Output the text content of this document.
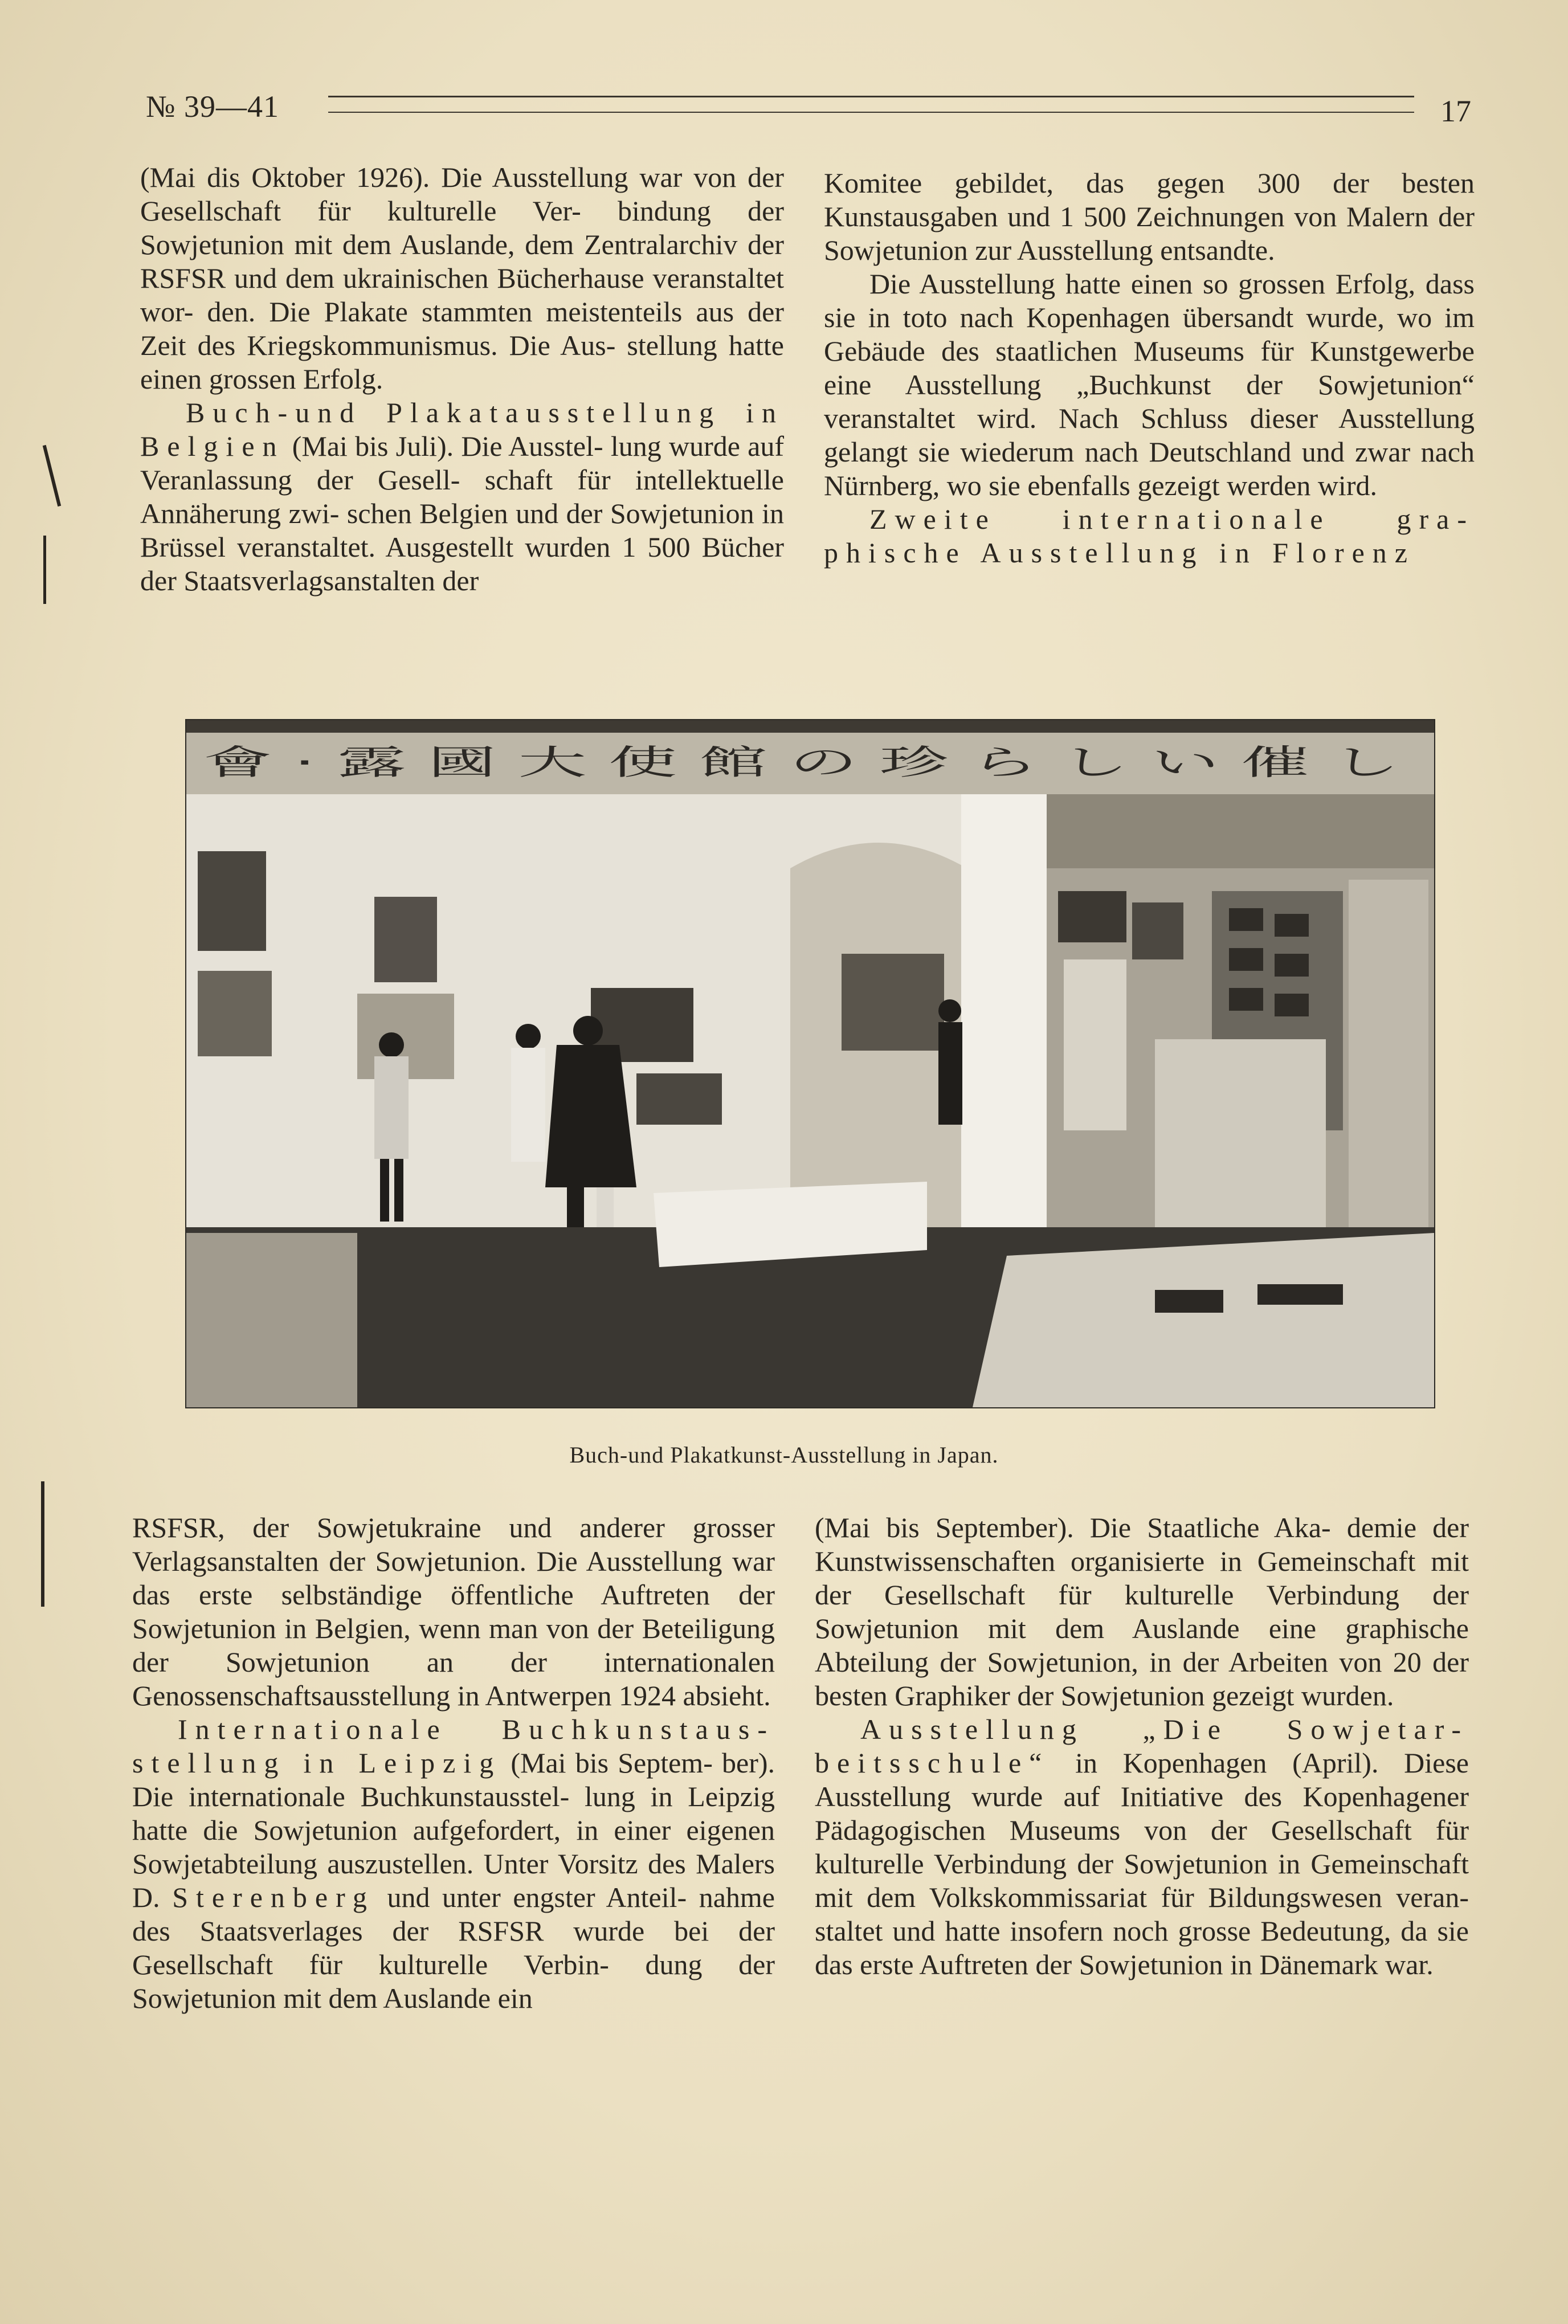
№ 39—41	17

(Mai dis Oktober 1926). Die Ausstellung war von der Gesellschaft für kulturelle Ver- bindung der Sowjetunion mit dem Auslande, dem Zentralarchiv der RSFSR und dem ukrainischen Bücherhause veranstaltet wor- den. Die Plakate stammten meistenteils aus der Zeit des Kriegskommunismus. Die Aus- stellung hatte einen grossen Erfolg.

Buch-und Plakatausstellung in Belgien (Mai bis Juli). Die Ausstel- lung wurde auf Veranlassung der Gesell- schaft für intellektuelle Annäherung zwi- schen Belgien und der Sowjetunion in Brüssel veranstaltet. Ausgestellt wurden 1 500 Bücher der Staatsverlagsanstalten der

Komitee gebildet, das gegen 300 der besten Kunstausgaben und 1 500 Zeichnungen von Malern der Sowjetunion zur Ausstellung entsandte.

Die Ausstellung hatte einen so grossen Erfolg, dass sie in toto nach Kopenhagen übersandt wurde, wo im Gebäude des staatlichen Museums für Kunstgewerbe eine Ausstellung „Buchkunst der Sowjetunion“ veranstaltet wird. Nach Schluss dieser Ausstellung gelangt sie wiederum nach Deutschland und zwar nach Nürnberg, wo sie ebenfalls gezeigt werden wird.

Zweite internationale gra- phische Ausstellung in Florenz

會 · 露 國 大 使 館 の 珍 ら し い 催 し
Buch-und Plakatkunst-Ausstellung in Japan.

RSFSR, der Sowjetukraine und anderer grosser Verlagsanstalten der Sowjetunion. Die Ausstellung war das erste selbständige öffentliche Auftreten der Sowjetunion in Belgien, wenn man von der Beteiligung der Sowjetunion an der internationalen Genossenschaftsausstellung in Antwerpen 1924 absieht.

Internationale Buchkunstaus- stellung in Leipzig (Mai bis Septem- ber). Die internationale Buchkunstausstel- lung in Leipzig hatte die Sowjetunion aufgefordert, in einer eigenen Sowjetabteilung auszustellen. Unter Vorsitz des Malers D. Sterenberg und unter engster Anteil- nahme des Staatsverlages der RSFSR wurde bei der Gesellschaft für kulturelle Verbin- dung der Sowjetunion mit dem Auslande ein

(Mai bis September). Die Staatliche Aka- demie der Kunstwissenschaften organisierte in Gemeinschaft mit der Gesellschaft für kulturelle Verbindung der Sowjetunion mit dem Auslande eine graphische Abteilung der Sowjetunion, in der Arbeiten von 20 der besten Graphiker der Sowjetunion gezeigt wurden.

Ausstellung „Die Sowjetar- beitsschule“ in Kopenhagen (April). Diese Ausstellung wurde auf Initiative des Kopenhagener Pädagogischen Museums von der Gesellschaft für kulturelle Verbindung der Sowjetunion in Gemeinschaft mit dem Volkskommissariat für Bildungswesen veran- staltet und hatte insofern noch grosse Bedeutung, da sie das erste Auftreten der Sowjetunion in Dänemark war.
